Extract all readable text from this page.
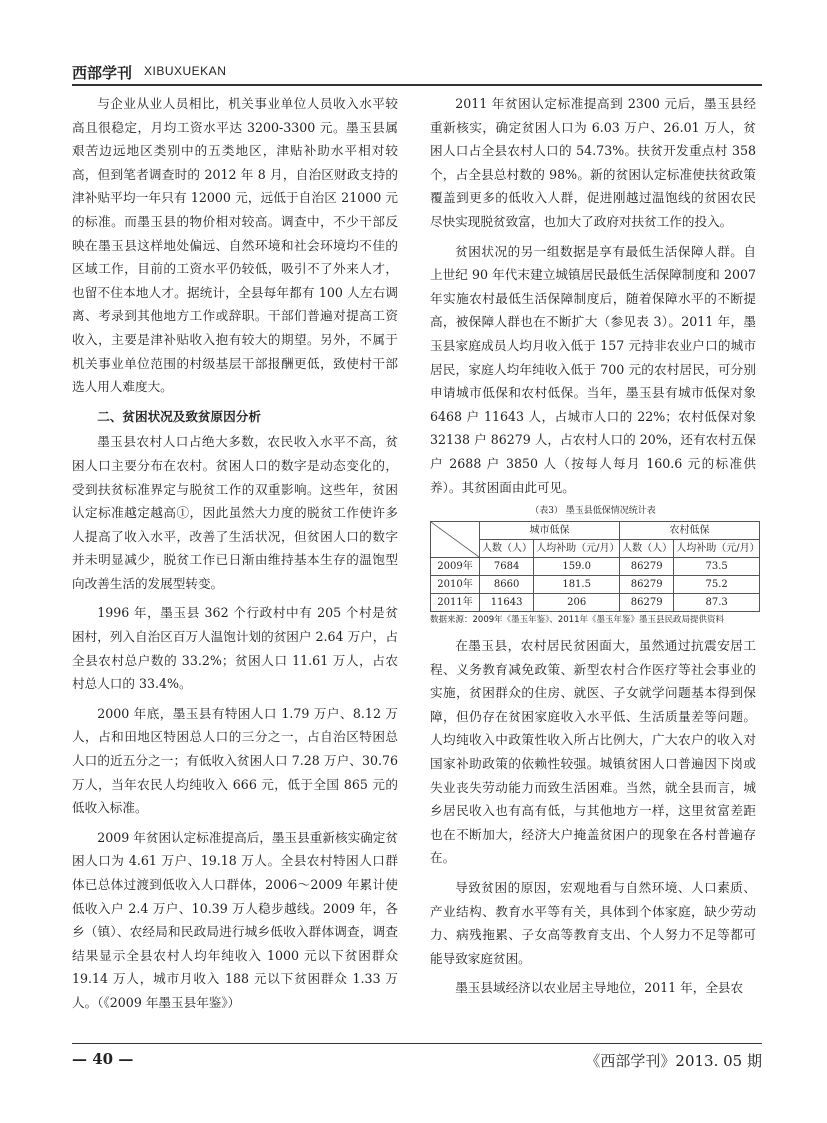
西部学刊 XIBUXUEKAN

与企业从业人员相比，机关事业单位人员收入水平较高且很稳定，月均工资水平达 3200-3300 元。墨玉县属艰苦边远地区类别中的五类地区，津贴补助水平相对较高，但到笔者调查时的 2012 年 8 月，自治区财政支持的津补贴平均一年只有 12000 元，远低于自治区 21000 元的标准。而墨玉县的物价相对较高。调查中，不少干部反映在墨玉县这样地处偏远、自然环境和社会环境均不佳的区域工作，目前的工资水平仍较低，吸引不了外来人才，也留不住本地人才。据统计，全县每年都有 100 人左右调离、考录到其他地方工作或辞职。干部们普遍对提高工资收入，主要是津补贴收入抱有较大的期望。另外，不属于机关事业单位范围的村级基层干部报酬更低，致使村干部选人用人难度大。

二、贫困状况及致贫原因分析

墨玉县农村人口占绝大多数，农民收入水平不高，贫困人口主要分布在农村。贫困人口的数字是动态变化的，受到扶贫标准界定与脱贫工作的双重影响。这些年，贫困认定标准越定越高①，因此虽然大力度的脱贫工作使许多人提高了收入水平，改善了生活状况，但贫困人口的数字并未明显减少，脱贫工作已日渐由维持基本生存的温饱型向改善生活的发展型转变。

1996 年，墨玉县 362 个行政村中有 205 个村是贫困村，列入自治区百万人温饱计划的贫困户 2.64 万户，占全县农村总户数的 33.2%；贫困人口 11.61 万人，占农村总人口的 33.4%。

2000 年底，墨玉县有特困人口 1.79 万户、8.12 万人，占和田地区特困总人口的三分之一，占自治区特困总人口的近五分之一；有低收入贫困人口 7.28 万户、30.76 万人，当年农民人均纯收入 666 元，低于全国 865 元的低收入标准。

2009 年贫困认定标准提高后，墨玉县重新核实确定贫困人口为 4.61 万户、19.18 万人。全县农村特困人口群体已总体过渡到低收入人口群体，2006～2009 年累计使低收入户 2.4 万户、10.39 万人稳步越线。2009 年，各乡（镇）、农经局和民政局进行城乡低收入群体调查，调查结果显示全县农村人均年纯收入 1000 元以下贫困群众 19.14 万人，城市月收入 188 元以下贫困群众 1.33 万人。（《2009 年墨玉县年鉴》）

2011 年贫困认定标准提高到 2300 元后，墨玉县经重新核实，确定贫困人口为 6.03 万户、26.01 万人，贫困人口占全县农村人口的 54.73%。扶贫开发重点村 358 个，占全县总村数的 98%。新的贫困认定标准使扶贫政策覆盖到更多的低收入人群，促进刚越过温饱线的贫困农民尽快实现脱贫致富，也加大了政府对扶贫工作的投入。

贫困状况的另一组数据是享有最低生活保障人群。自上世纪 90 年代末建立城镇居民最低生活保障制度和 2007 年实施农村最低生活保障制度后，随着保障水平的不断提高，被保障人群也在不断扩大（参见表 3）。2011 年，墨玉县家庭成员人均月收入低于 157 元持非农业户口的城市居民，家庭人均年纯收入低于 700 元的农村居民，可分别申请城市低保和农村低保。当年，墨玉县有城市低保对象 6468 户 11643 人，占城市人口的 22%；农村低保对象 32138 户 86279 人，占农村人口的 20%，还有农村五保户 2688 户 3850 人（按每人每月 160.6 元的标准供养）。其贫困面由此可见。

（表3） 墨玉县低保情况统计表
	城市低保		农村低保	
	人数（人）	人均补助（元/月）	人数（人）	人均补助（元/月）
2009年	7684	159.0	86279	73.5
2010年	8660	181.5	86279	75.2
2011年	11643	206	86279	87.3
数据来源：2009年《墨玉年鉴》、2011年《墨玉年鉴》墨玉县民政局提供资料

在墨玉县，农村居民贫困面大，虽然通过抗震安居工程、义务教育减免政策、新型农村合作医疗等社会事业的实施，贫困群众的住房、就医、子女就学问题基本得到保障，但仍存在贫困家庭收入水平低、生活质量差等问题。人均纯收入中政策性收入所占比例大，广大农户的收入对国家补助政策的依赖性较强。城镇贫困人口普遍因下岗或失业丧失劳动能力而致生活困难。当然，就全县而言，城乡居民收入也有高有低，与其他地方一样，这里贫富差距也在不断加大，经济大户掩盖贫困户的现象在各村普遍存在。

导致贫困的原因，宏观地看与自然环境、人口素质、产业结构、教育水平等有关，具体到个体家庭，缺少劳动力、病残拖累、子女高等教育支出、个人努力不足等都可能导致家庭贫困。

墨玉县域经济以农业居主导地位，2011 年，全县农

— 40 —	《西部学刊》2013. 05 期
